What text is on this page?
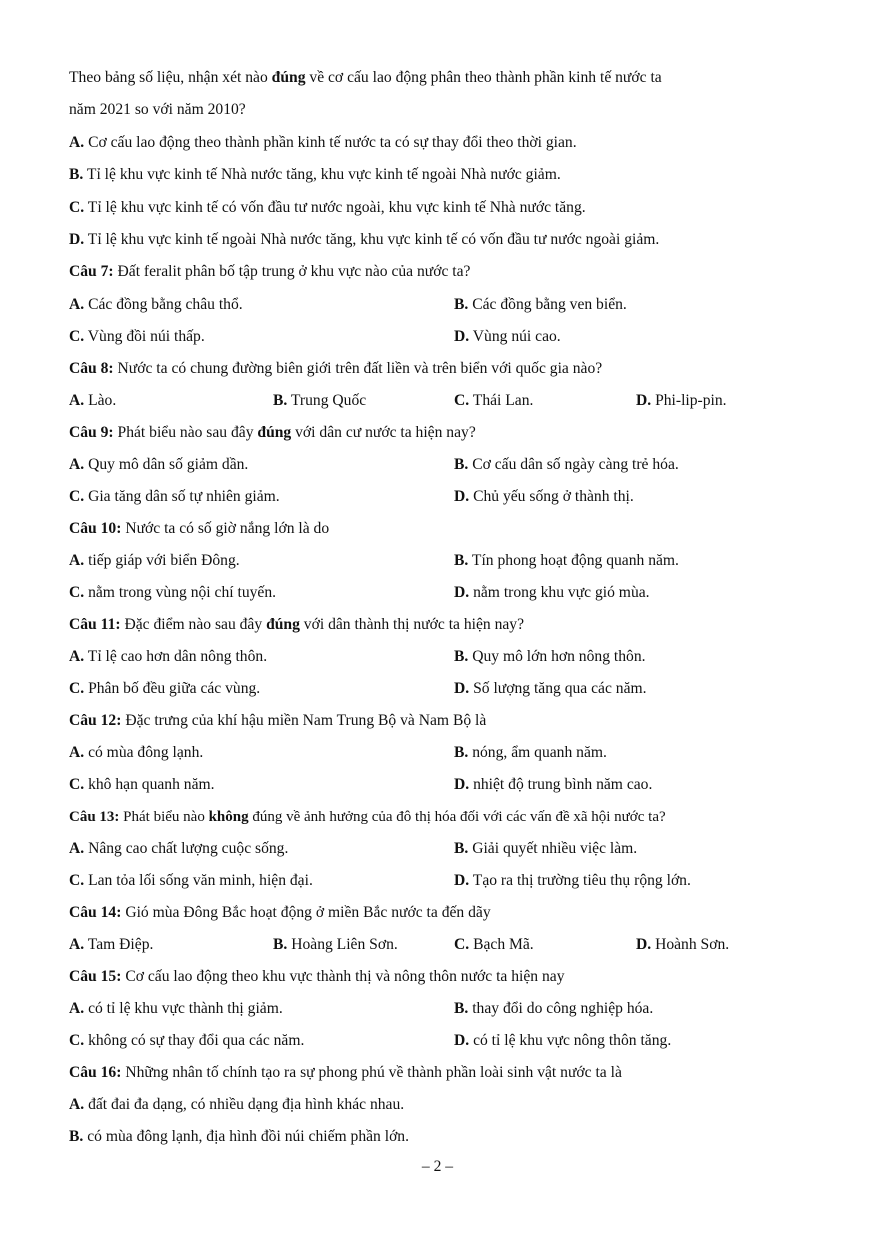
Theo bảng số liệu, nhận xét nào đúng về cơ cấu lao động phân theo thành phần kinh tế nước ta
năm 2021 so với năm 2010?
A. Cơ cấu lao động theo thành phần kinh tế nước ta có sự thay đổi theo thời gian.
B. Tỉ lệ khu vực kinh tế Nhà nước tăng, khu vực kinh tế ngoài Nhà nước giảm.
C. Tỉ lệ khu vực kinh tế có vốn đầu tư nước ngoài, khu vực kinh tế Nhà nước tăng.
D. Tỉ lệ khu vực kinh tế ngoài Nhà nước tăng, khu vực kinh tế có vốn đầu tư nước ngoài giảm.
Câu 7: Đất feralit phân bố tập trung ở khu vực nào của nước ta?
A. Các đồng bằng châu thổ.	B. Các đồng bằng ven biển.
C. Vùng đồi núi thấp.	D. Vùng núi cao.
Câu 8: Nước ta có chung đường biên giới trên đất liền và trên biển với quốc gia nào?
A. Lào.	B. Trung Quốc	C. Thái Lan.	D. Phi-lip-pin.
Câu 9: Phát biểu nào sau đây đúng với dân cư nước ta hiện nay?
A. Quy mô dân số giảm dần.	B. Cơ cấu dân số ngày càng trẻ hóa.
C. Gia tăng dân số tự nhiên giảm.	D. Chủ yếu sống ở thành thị.
Câu 10: Nước ta có số giờ nắng lớn là do
A. tiếp giáp với biển Đông.	B. Tín phong hoạt động quanh năm.
C. nằm trong vùng nội chí tuyến.	D. nằm trong khu vực gió mùa.
Câu 11: Đặc điểm nào sau đây đúng với dân thành thị nước ta hiện nay?
A. Tỉ lệ cao hơn dân nông thôn.	B. Quy mô lớn hơn nông thôn.
C. Phân bố đều giữa các vùng.	D. Số lượng tăng qua các năm.
Câu 12: Đặc trưng của khí hậu miền Nam Trung Bộ và Nam Bộ là
A. có mùa đông lạnh.	B. nóng, ẩm quanh năm.
C. khô hạn quanh năm.	D. nhiệt độ trung bình năm cao.
Câu 13: Phát biểu nào không đúng về ảnh hưởng của đô thị hóa đối với các vấn đề xã hội nước ta?
A. Nâng cao chất lượng cuộc sống.	B. Giải quyết nhiều việc làm.
C. Lan tỏa lối sống văn minh, hiện đại.	D. Tạo ra thị trường tiêu thụ rộng lớn.
Câu 14: Gió mùa Đông Bắc hoạt động ở miền Bắc nước ta đến dãy
A. Tam Điệp.	B. Hoàng Liên Sơn.	C. Bạch Mã.	D. Hoành Sơn.
Câu 15: Cơ cấu lao động theo khu vực thành thị và nông thôn nước ta hiện nay
A. có tỉ lệ khu vực thành thị giảm.	B. thay đổi do công nghiệp hóa.
C. không có sự thay đổi qua các năm.	D. có tỉ lệ khu vực nông thôn tăng.
Câu 16: Những nhân tố chính tạo ra sự phong phú về thành phần loài sinh vật nước ta là
A. đất đai đa dạng, có nhiều dạng địa hình khác nhau.
B. có mùa đông lạnh, địa hình đồi núi chiếm phần lớn.
– 2 –
